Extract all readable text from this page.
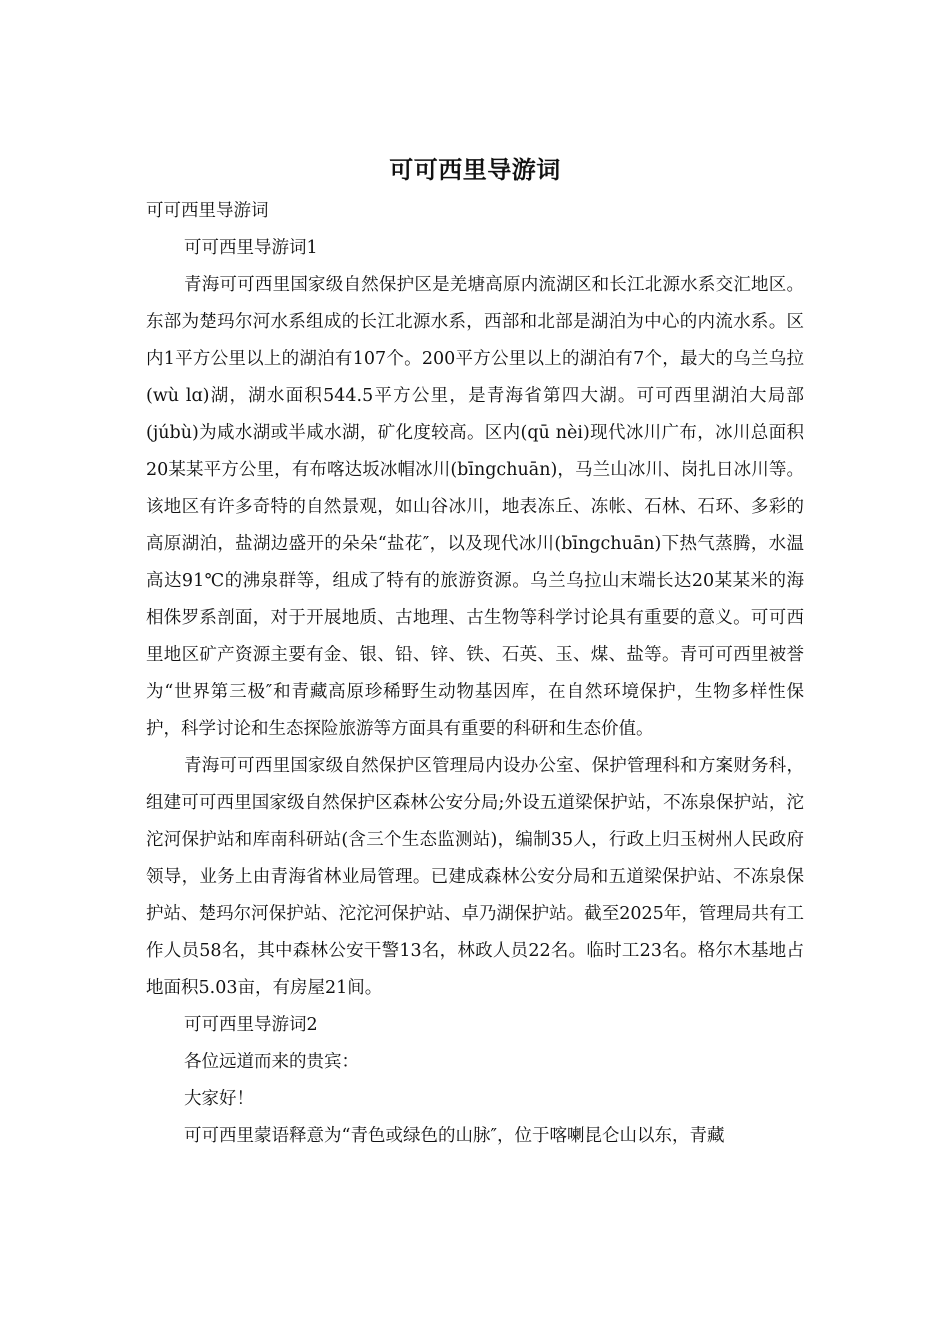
可可西里导游词

可可西里导游词

可可西里导游词1

青海可可西里国家级自然保护区是羌塘高原内流湖区和长江北源水系交汇地区。东部为楚玛尔河水系组成的长江北源水系，西部和北部是湖泊为中心的内流水系。区内1平方公里以上的湖泊有107个。200平方公里以上的湖泊有7个，最大的乌兰乌拉(wù lɑ)湖，湖水面积544.5平方公里，是青海省第四大湖。可可西里湖泊大局部(júbù)为咸水湖或半咸水湖，矿化度较高。区内(qū nèi)现代冰川广布，冰川总面积20某某平方公里，有布喀达坂冰帽冰川(bīngchuān)，马兰山冰川、岗扎日冰川等。该地区有许多奇特的自然景观，如山谷冰川，地表冻丘、冻帐、石林、石环、多彩的高原湖泊，盐湖边盛开的朵朵“盐花″，以及现代冰川(bīngchuān)下热气蒸腾，水温高达91℃的沸泉群等，组成了特有的旅游资源。乌兰乌拉山末端长达20某某米的海相侏罗系剖面，对于开展地质、古地理、古生物等科学讨论具有重要的意义。可可西里地区矿产资源主要有金、银、铅、锌、铁、石英、玉、煤、盐等。青可可西里被誉为“世界第三极″和青藏高原珍稀野生动物基因库，在自然环境保护，生物多样性保护，科学讨论和生态探险旅游等方面具有重要的科研和生态价值。

青海可可西里国家级自然保护区管理局内设办公室、保护管理科和方案财务科，组建可可西里国家级自然保护区森林公安分局;外设五道梁保护站，不冻泉保护站，沱沱河保护站和库南科研站(含三个生态监测站)，编制35人，行政上归玉树州人民政府领导，业务上由青海省林业局管理。已建成森林公安分局和五道梁保护站、不冻泉保护站、楚玛尔河保护站、沱沱河保护站、卓乃湖保护站。截至2025年，管理局共有工作人员58名，其中森林公安干警13名，林政人员22名。临时工23名。格尔木基地占地面积5.03亩，有房屋21间。

可可西里导游词2

各位远道而来的贵宾：

大家好！

可可西里蒙语释意为“青色或绿色的山脉″，位于喀喇昆仑山以东，青藏
